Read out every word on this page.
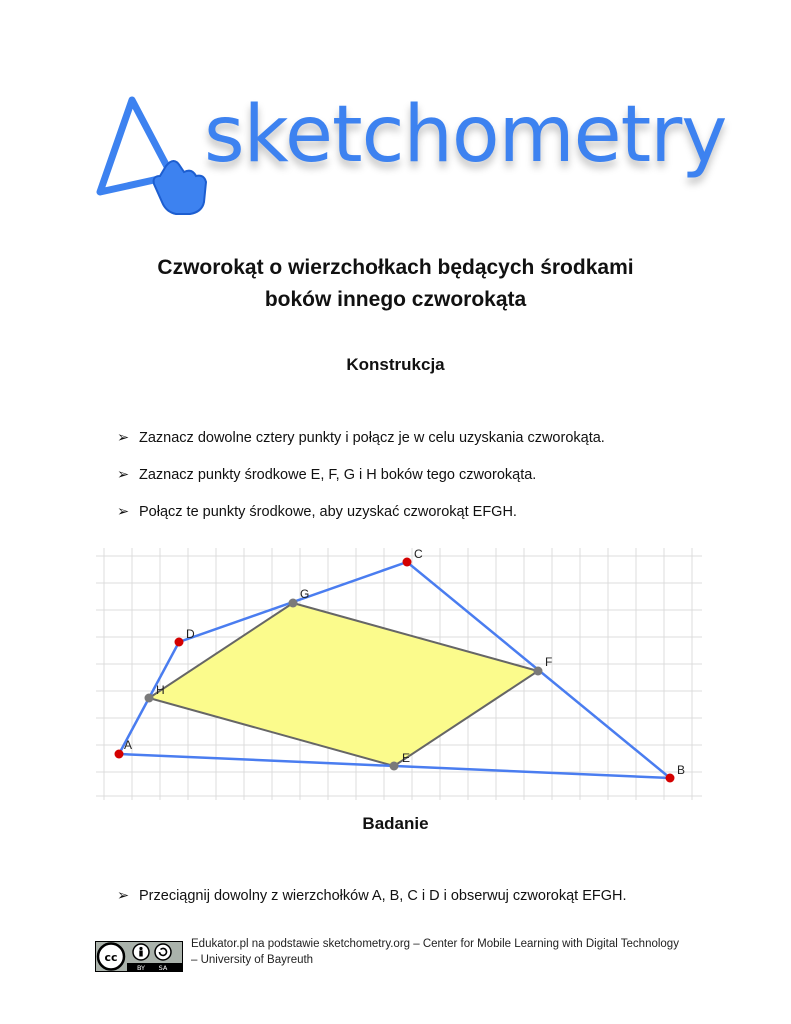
sketchometry
Czworokąt o wierzchołkach będących środkami
boków innego czworokąta
Konstrukcja
➢ Zaznacz dowolne cztery punkty i połącz je w celu uzyskania czworokąta.
➢ Zaznacz punkty środkowe E, F, G i H boków tego czworokąta.
➢ Połącz te punkty środkowe, aby uzyskać czworokąt EFGH.
A
B
C
D
E
F
G
H
Badanie
➢ Przeciągnij dowolny z wierzchołków A, B, C i D i obserwuj czworokąt EFGH.
cc
BY SA
Edukator.pl na podstawie sketchometry.org – Center for Mobile Learning with Digital Technology
– University of Bayreuth
